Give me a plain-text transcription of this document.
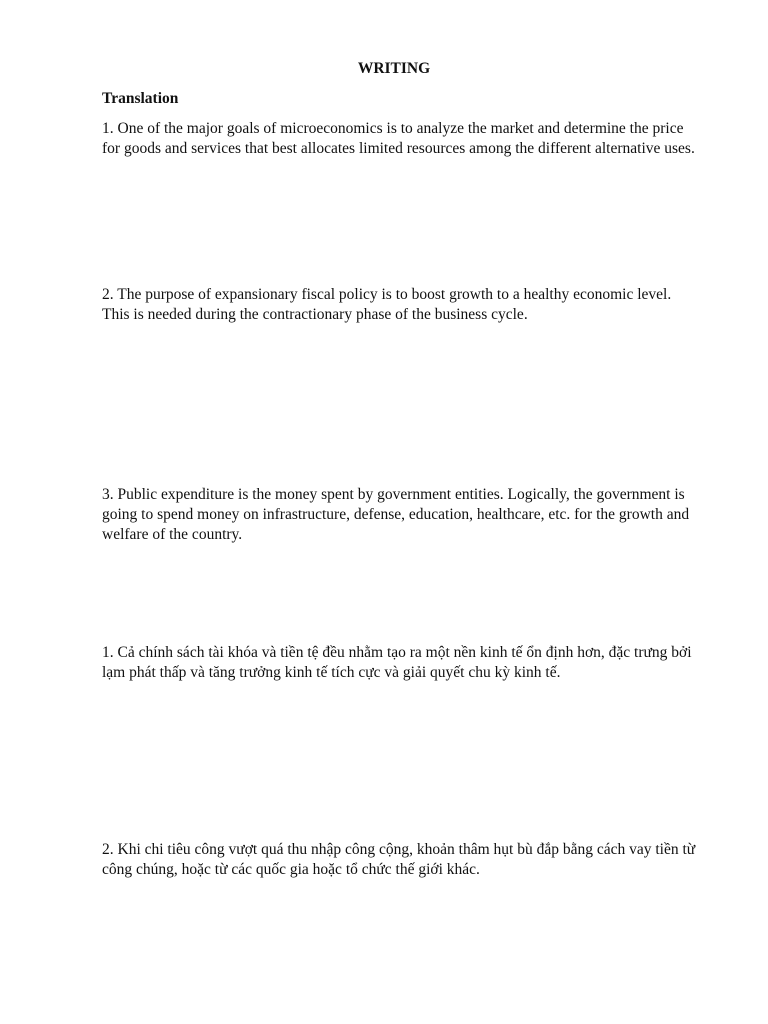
WRITING
Translation

1. One of the major goals of microeconomics is to analyze the market and determine the price for goods and services that best allocates limited resources among the different alternative uses.

2. The purpose of expansionary fiscal policy is to boost growth to a healthy economic level. This is needed during the contractionary phase of the business cycle.

3. Public expenditure is the money spent by government entities. Logically, the government is going to spend money on infrastructure, defense, education, healthcare, etc. for the growth and welfare of the country.

1. Cả chính sách tài khóa và tiền tệ đều nhằm tạo ra một nền kinh tế ổn định hơn, đặc trưng bởi lạm phát thấp và tăng trưởng kinh tế tích cực và giải quyết chu kỳ kinh tế.

2. Khi chi tiêu công vượt quá thu nhập công cộng, khoản thâm hụt bù đắp bằng cách vay tiền từ công chúng, hoặc từ các quốc gia hoặc tổ chức thế giới khác.
